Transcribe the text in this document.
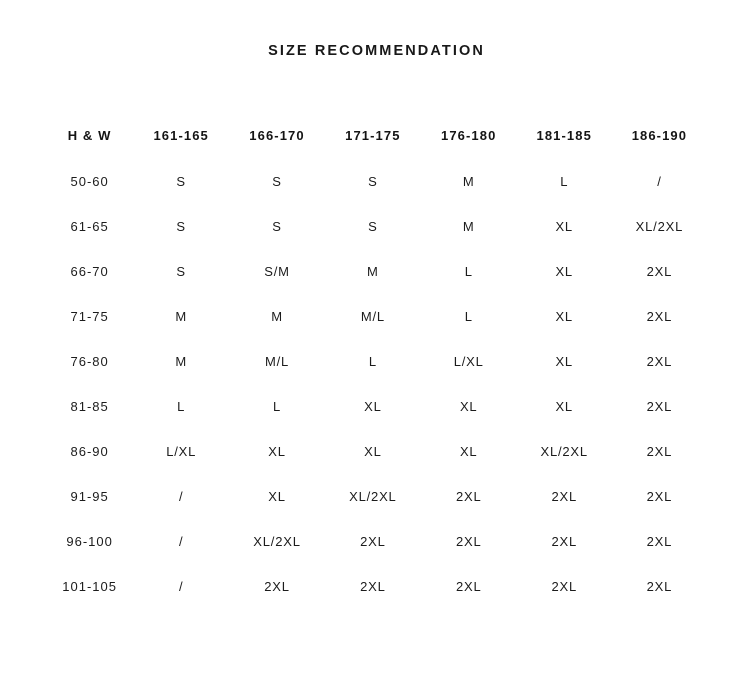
SIZE RECOMMENDATION
H & W	161-165	166-170	171-175	176-180	181-185	186-190
50-60	S	S	S	M	L	/
61-65	S	S	S	M	XL	XL/2XL
66-70	S	S/M	M	L	XL	2XL
71-75	M	M	M/L	L	XL	2XL
76-80	M	M/L	L	L/XL	XL	2XL
81-85	L	L	XL	XL	XL	2XL
86-90	L/XL	XL	XL	XL	XL/2XL	2XL
91-95	/	XL	XL/2XL	2XL	2XL	2XL
96-100	/	XL/2XL	2XL	2XL	2XL	2XL
101-105	/	2XL	2XL	2XL	2XL	2XL
